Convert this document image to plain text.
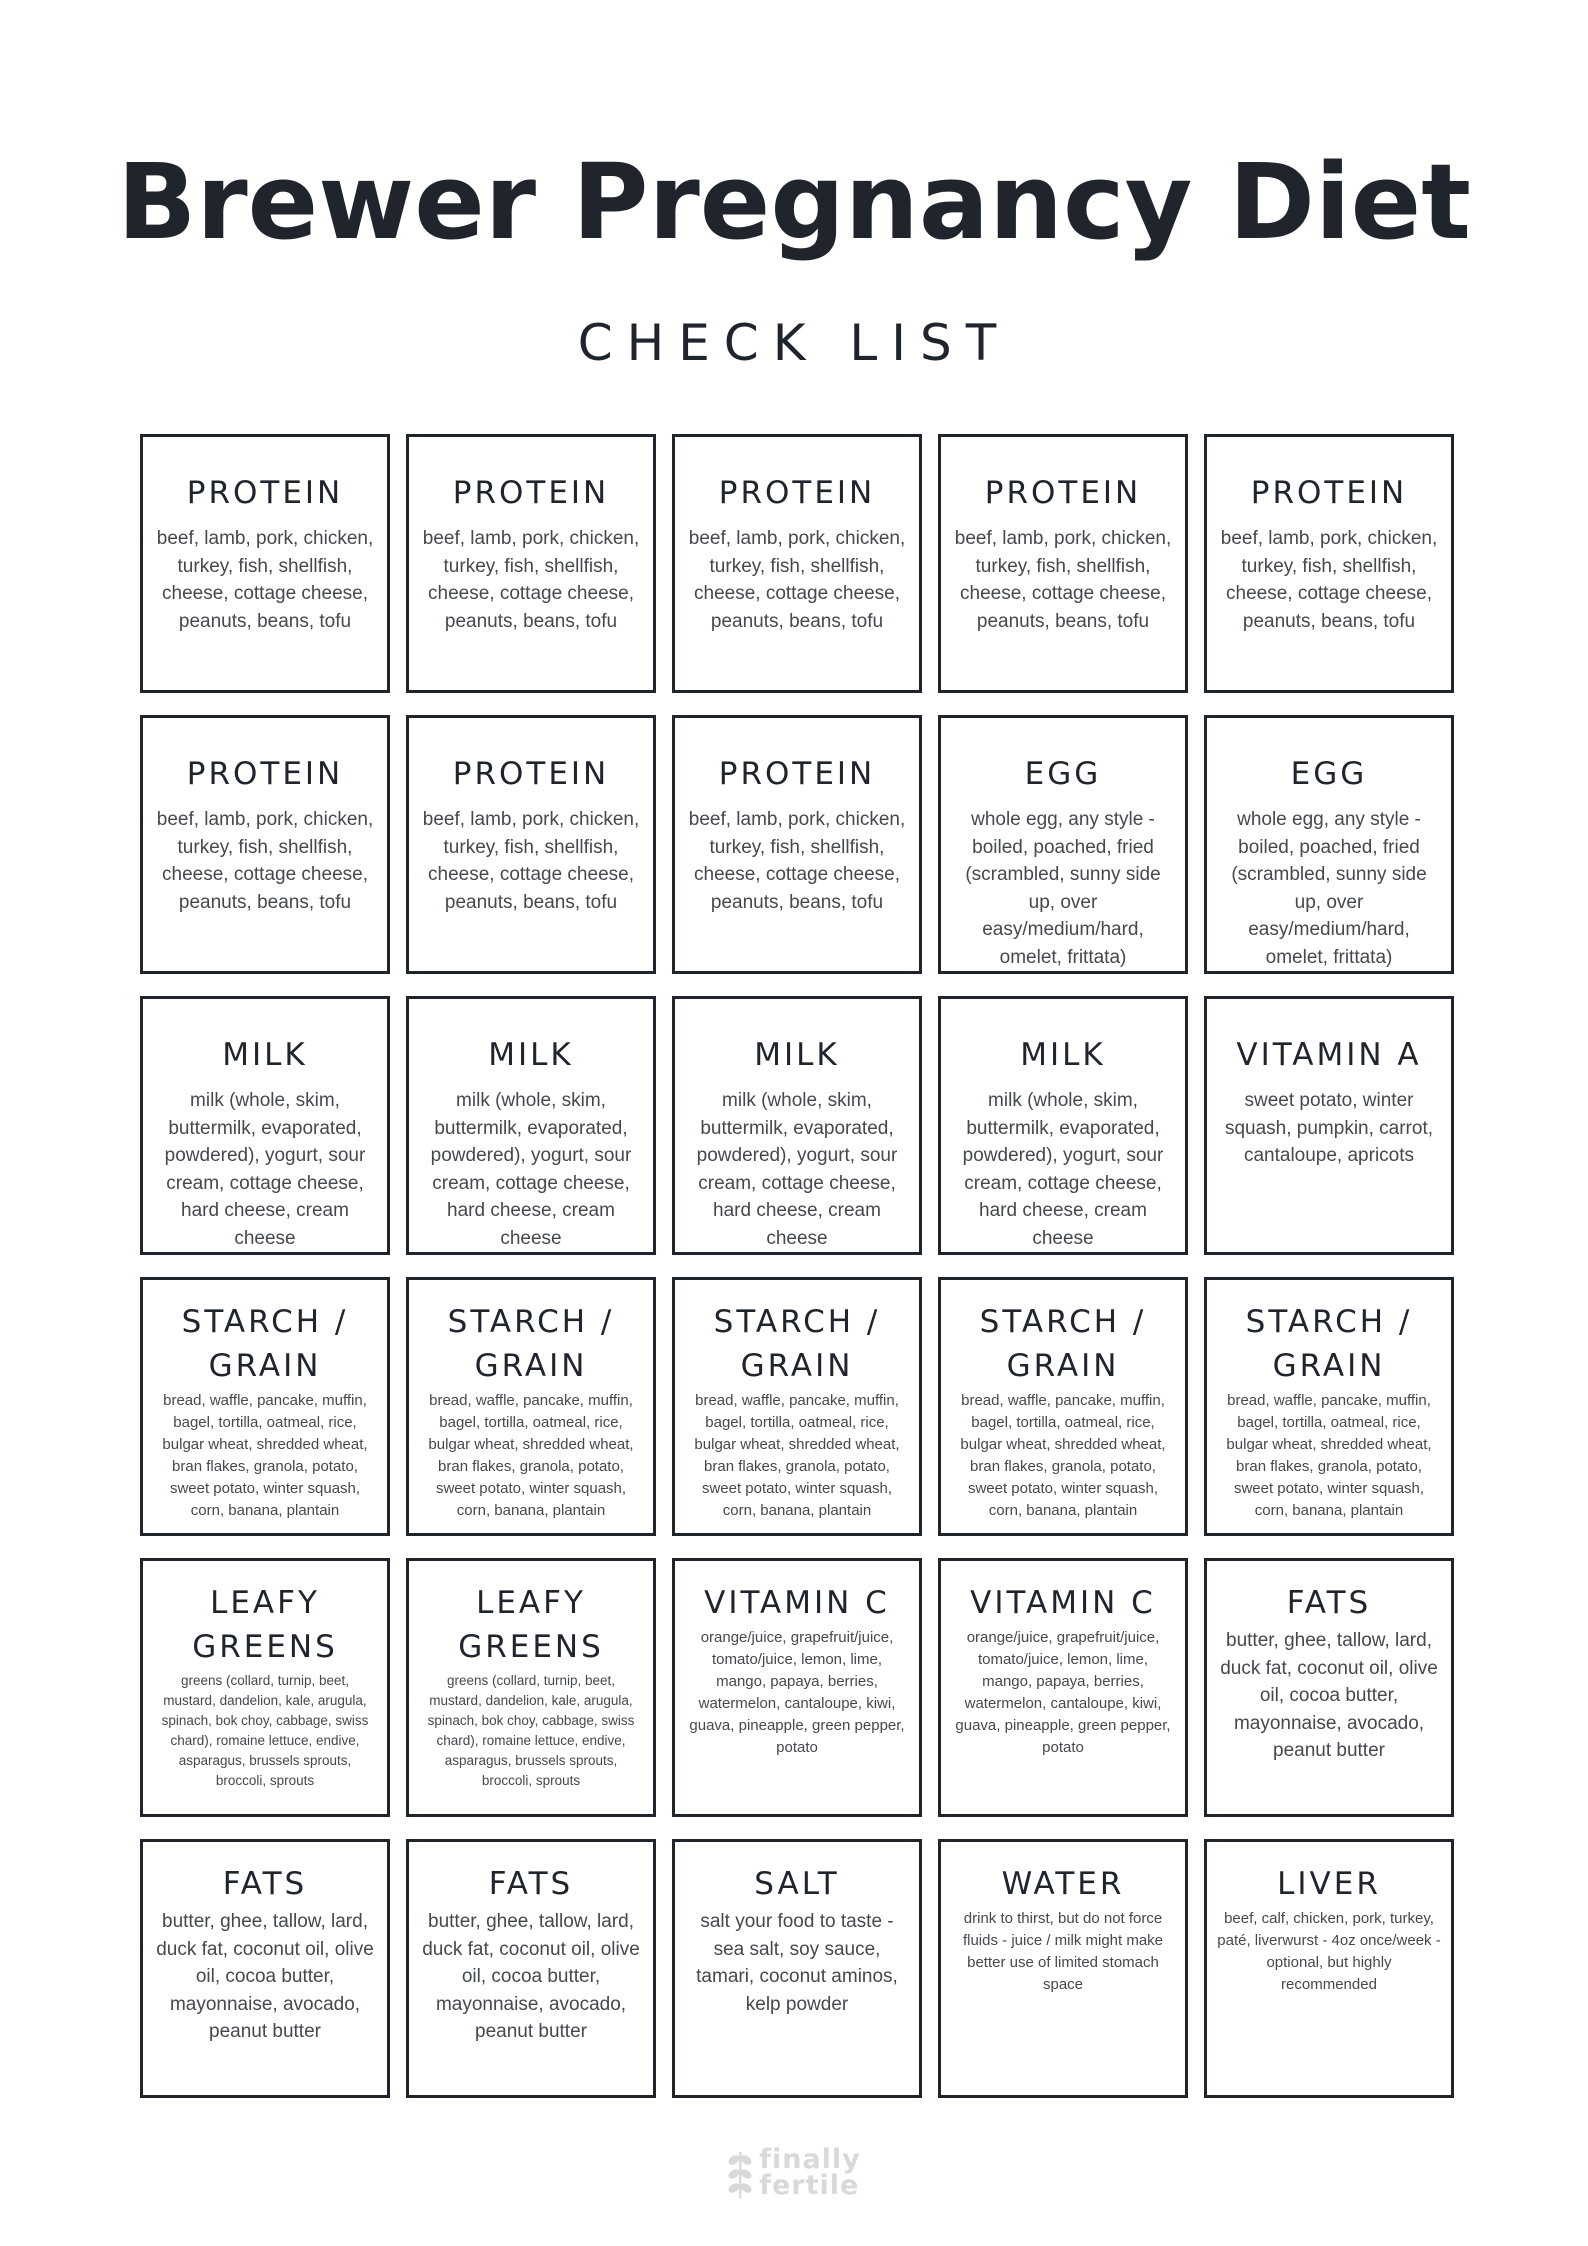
Brewer Pregnancy Diet
CHECK LIST
PROTEIN
beef, lamb, pork, chicken, turkey, fish, shellfish, cheese, cottage cheese, peanuts, beans, tofu
PROTEIN
beef, lamb, pork, chicken, turkey, fish, shellfish, cheese, cottage cheese, peanuts, beans, tofu
PROTEIN
beef, lamb, pork, chicken, turkey, fish, shellfish, cheese, cottage cheese, peanuts, beans, tofu
PROTEIN
beef, lamb, pork, chicken, turkey, fish, shellfish, cheese, cottage cheese, peanuts, beans, tofu
PROTEIN
beef, lamb, pork, chicken, turkey, fish, shellfish, cheese, cottage cheese, peanuts, beans, tofu
PROTEIN
beef, lamb, pork, chicken, turkey, fish, shellfish, cheese, cottage cheese, peanuts, beans, tofu
PROTEIN
beef, lamb, pork, chicken, turkey, fish, shellfish, cheese, cottage cheese, peanuts, beans, tofu
PROTEIN
beef, lamb, pork, chicken, turkey, fish, shellfish, cheese, cottage cheese, peanuts, beans, tofu
EGG
whole egg, any style - boiled, poached, fried (scrambled, sunny side up, over easy/medium/hard, omelet, frittata)
EGG
whole egg, any style - boiled, poached, fried (scrambled, sunny side up, over easy/medium/hard, omelet, frittata)
MILK
milk (whole, skim, buttermilk, evaporated, powdered), yogurt, sour cream, cottage cheese, hard cheese, cream cheese
MILK
milk (whole, skim, buttermilk, evaporated, powdered), yogurt, sour cream, cottage cheese, hard cheese, cream cheese
MILK
milk (whole, skim, buttermilk, evaporated, powdered), yogurt, sour cream, cottage cheese, hard cheese, cream cheese
MILK
milk (whole, skim, buttermilk, evaporated, powdered), yogurt, sour cream, cottage cheese, hard cheese, cream cheese
VITAMIN A
sweet potato, winter squash, pumpkin, carrot, cantaloupe, apricots
STARCH / GRAIN
bread, waffle, pancake, muffin, bagel, tortilla, oatmeal, rice, bulgar wheat, shredded wheat, bran flakes, granola, potato, sweet potato, winter squash, corn, banana, plantain
STARCH / GRAIN
bread, waffle, pancake, muffin, bagel, tortilla, oatmeal, rice, bulgar wheat, shredded wheat, bran flakes, granola, potato, sweet potato, winter squash, corn, banana, plantain
STARCH / GRAIN
bread, waffle, pancake, muffin, bagel, tortilla, oatmeal, rice, bulgar wheat, shredded wheat, bran flakes, granola, potato, sweet potato, winter squash, corn, banana, plantain
STARCH / GRAIN
bread, waffle, pancake, muffin, bagel, tortilla, oatmeal, rice, bulgar wheat, shredded wheat, bran flakes, granola, potato, sweet potato, winter squash, corn, banana, plantain
STARCH / GRAIN
bread, waffle, pancake, muffin, bagel, tortilla, oatmeal, rice, bulgar wheat, shredded wheat, bran flakes, granola, potato, sweet potato, winter squash, corn, banana, plantain
LEAFY GREENS
greens (collard, turnip, beet, mustard, dandelion, kale, arugula, spinach, bok choy, cabbage, swiss chard), romaine lettuce, endive, asparagus, brussels sprouts, broccoli, sprouts
LEAFY GREENS
greens (collard, turnip, beet, mustard, dandelion, kale, arugula, spinach, bok choy, cabbage, swiss chard), romaine lettuce, endive, asparagus, brussels sprouts, broccoli, sprouts
VITAMIN C
orange/juice, grapefruit/juice, tomato/juice, lemon, lime, mango, papaya, berries, watermelon, cantaloupe, kiwi, guava, pineapple, green pepper, potato
VITAMIN C
orange/juice, grapefruit/juice, tomato/juice, lemon, lime, mango, papaya, berries, watermelon, cantaloupe, kiwi, guava, pineapple, green pepper, potato
FATS
butter, ghee, tallow, lard, duck fat, coconut oil, olive oil, cocoa butter, mayonnaise, avocado, peanut butter
FATS
butter, ghee, tallow, lard, duck fat, coconut oil, olive oil, cocoa butter, mayonnaise, avocado, peanut butter
FATS
butter, ghee, tallow, lard, duck fat, coconut oil, olive oil, cocoa butter, mayonnaise, avocado, peanut butter
SALT
salt your food to taste - sea salt, soy sauce, tamari, coconut aminos, kelp powder
WATER
drink to thirst, but do not force fluids - juice / milk might make better use of limited stomach space
LIVER
beef, calf, chicken, pork, turkey, paté, liverwurst - 4oz once/week - optional, but highly recommended
finally
fertile
